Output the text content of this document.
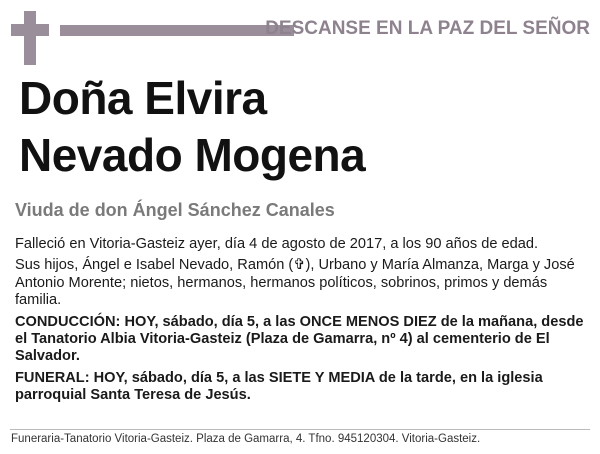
DESCANSE EN LA PAZ DEL SEÑOR
Doña Elvira
Nevado Mogena

Viuda de don Ángel Sánchez Canales

Falleció en Vitoria-Gasteiz ayer, día 4 de agosto de 2017, a los 90 años de edad.

Sus hijos, Ángel e Isabel Nevado, Ramón (✞), Urbano y María Almanza, Marga y José Antonio Morente; nietos, hermanos, hermanos políticos, sobrinos, primos y demás familia.

CONDUCCIÓN: HOY, sábado, día 5, a las ONCE MENOS DIEZ de la mañana, desde el Tanatorio Albia Vitoria-Gasteiz (Plaza de Gamarra, nº 4) al cementerio de El Salvador.

FUNERAL: HOY, sábado, día 5, a las SIETE Y MEDIA de la tarde, en la iglesia parroquial Santa Teresa de Jesús.

Funeraria-Tanatorio Vitoria-Gasteiz. Plaza de Gamarra, 4. Tfno. 945120304. Vitoria-Gasteiz.
